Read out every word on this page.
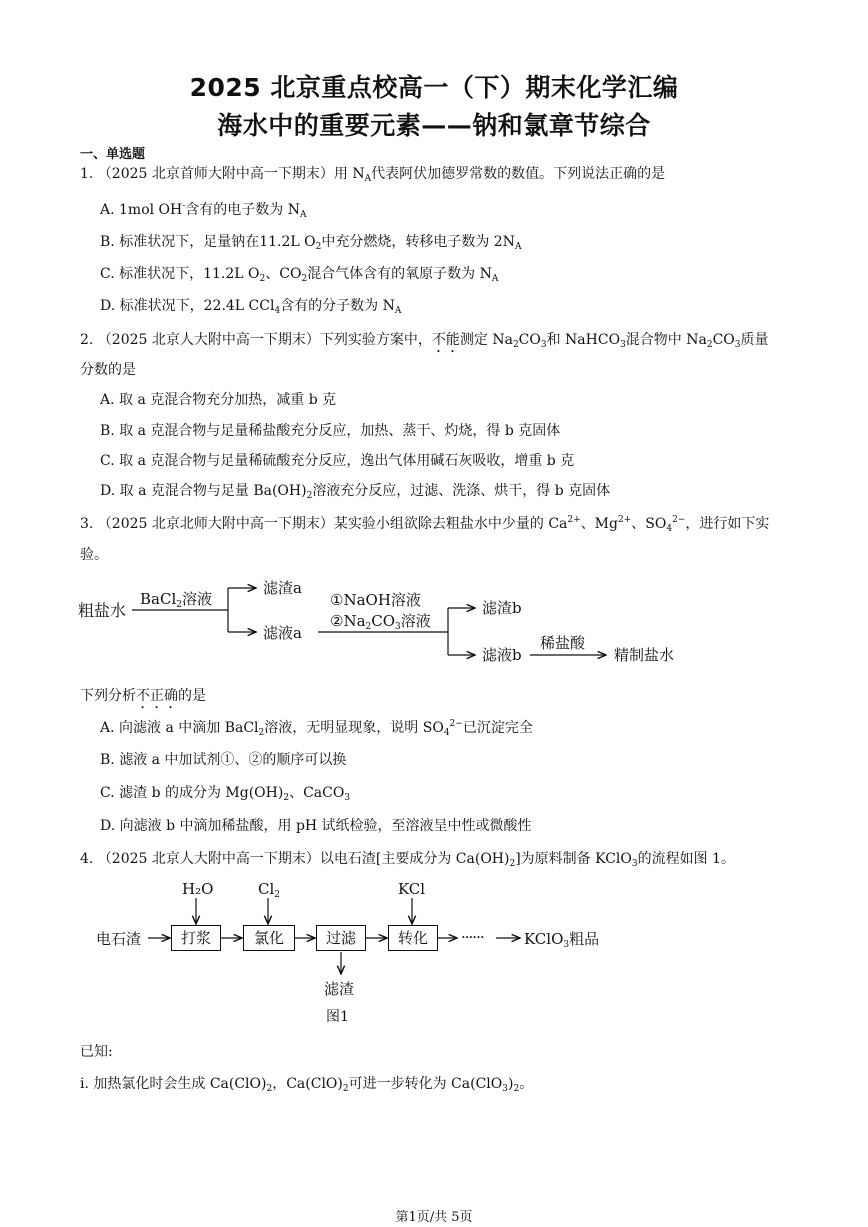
2025 北京重点校高一（下）期末化学汇编
海水中的重要元素——钠和氯章节综合
一、单选题
1. （2025 北京首师大附中高一下期末）用 $N_A$代表阿伏加德罗常数的数值。下列说法正确的是
A. 1mol OH-含有的电子数为 $N_A$
B. 标准状况下，足量钠在11.2L $O_2$中充分燃烧，转移电子数为 $2N_A$
C. 标准状况下，11.2L $O_2$、$CO_2$混合气体含有的氧原子数为 $N_A$
D. 标准状况下，22.4L CCl$_4$含有的分子数为 $N_A$
2. （2025 北京人大附中高一下期末）下列实验方案中，不能测定 $Na_2CO_3$和 NaHCO$_3$混合物中 $Na_2CO_3$质量
分数的是
A. 取 a 克混合物充分加热，减重 b 克
B. 取 a 克混合物与足量稀盐酸充分反应，加热、蒸干、灼烧，得 b 克固体
C. 取 a 克混合物与足量稀硫酸充分反应，逸出气体用碱石灰吸收，增重 b 克
D. 取 a 克混合物与足量 $Ba(OH)_2$溶液充分反应，过滤、洗涤、烘干，得 b 克固体
3. （2025 北京北师大附中高一下期末）某实验小组欲除去粗盐水中少量的 $Ca^{2+}$、$Mg^{2+}$、$SO_4^{2-}$，进行如下实
验。
粗盐水
BaCl$_2$溶液
滤渣a
滤液a
①NaOH溶液
$②Na_2CO_3$溶液
滤渣b
滤液b
稀盐酸
精制盐水
下列分析不正确的是
A. 向滤液 a 中滴加 BaCl$_2$溶液，无明显现象，说明 $SO_4^{2-}$已沉淀完全
B. 滤液 a 中加试剂①、②的顺序可以换
C. 滤渣 b 的成分为 $Mg(OH)_2$、CaCO$_3$
D. 向滤液 b 中滴加稀盐酸，用 pH 试纸检验，至溶液呈中性或微酸性
4. （2025 北京人大附中高一下期末）以电石渣[主要成分为 $Ca(OH)_2$]为原料制备 KClO$_3$的流程如图 1。
H₂O	$Cl_2$	KCl
电石渣	打浆	氯化	过滤	转化	······	KClO$_3$粗品
滤渣
图1
已知:
i. 加热氯化时会生成 $Ca(ClO)_2$，$Ca(ClO)_2$可进一步转化为 $Ca(ClO_3)_2$。
第1页/共 5页
